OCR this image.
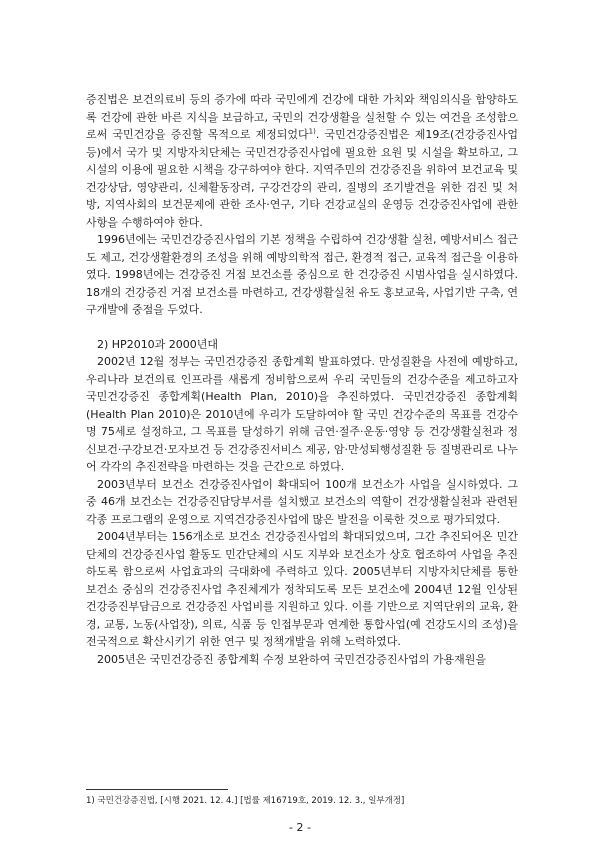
증진법은 보건의료비 등의 증가에 따라 국민에게 건강에 대한 가치와 책임의식을 함양하도록 건강에 관한 바른 지식을 보급하고, 국민의 건강생활을 실천할 수 있는 여건을 조성함으로써 국민건강을 증진할 목적으로 제정되었다$^{1)}$. 국민건강증진법은 제19조(건강증진사업 등)에서 국가 및 지방자치단체는 국민건강증진사업에 필요한 요원 및 시설을 확보하고, 그 시설의 이용에 필요한 시책을 강구하여야 한다. 지역주민의 건강증진을 위하여 보건교육 및 건강상담, 영양관리, 신체활동장려, 구강건강의 관리, 질병의 조기발견을 위한 검진 및 처방, 지역사회의 보건문제에 관한 조사·연구, 기타 건강교실의 운영등 건강증진사업에 관한 사항을 수행하여야 한다.

1996년에는 국민건강증진사업의 기본 정책을 수립하여 건강생활 실천, 예방서비스 접근도 제고, 건강생활환경의 조성을 위해 예방의학적 접근, 환경적 접근, 교육적 접근을 이용하였다. 1998년에는 건강증진 거점 보건소를 중심으로 한 건강증진 시범사업을 실시하였다. 18개의 건강증진 거점 보건소를 마련하고, 건강생활실천 유도 홍보교육, 사업기반 구축, 연구개발에 중점을 두었다.

2) HP2010과 2000년대

2002년 12월 정부는 국민건강증진 종합계획 발표하였다. 만성질환을 사전에 예방하고, 우리나라 보건의료 인프라를 새롭게 정비함으로써 우리 국민들의 건강수준을 제고하고자 국민건강증진 종합계획(Health Plan, 2010)을 추진하였다. 국민건강증진 종합계획(Health Plan 2010)은 2010년에 우리가 도달하여야 할 국민 건강수준의 목표를 건강수명 75세로 설정하고, 그 목표를 달성하기 위해 금연·절주·운동·영양 등 건강생활실천과 정신보건·구강보건·모자보건 등 건강증진서비스 제공, 암·만성퇴행성질환 등 질병관리로 나누어 각각의 추진전략을 마련하는 것을 근간으로 하였다.

2003년부터 보건소 건강증진사업이 확대되어 100개 보건소가 사업을 실시하였다. 그 중 46개 보건소는 건강증진담당부서를 설치했고 보건소의 역할이 건강생활실천과 관련된 각종 프로그램의 운영으로 지역건강증진사업에 많은 발전을 이룩한 것으로 평가되었다.

2004년부터는 156개소로 보건소 건강증진사업의 확대되었으며, 그간 추진되어온 민간단체의 건강증진사업 활동도 민간단체의 시도 지부와 보건소가 상호 협조하여 사업을 추진하도록 함으로써 사업효과의 극대화에 주력하고 있다. 2005년부터 지방자치단체를 통한 보건소 중심의 건강증진사업 추진체계가 정착되도록 모든 보건소에 2004년 12월 인상된 건강증진부담금으로 건강증진 사업비를 지원하고 있다. 이를 기반으로 지역단위의 교육, 환경, 교통, 노동(사업장), 의료, 식품 등 인접부문과 연계한 통합사업(예 건강도시의 조성)을 전국적으로 확산시키기 위한 연구 및 정책개발을 위해 노력하였다.

2005년은 국민건강증진 종합계획 수정 보완하여 국민건강증진사업의 가용재원을

1) 국민건강증진법, [시행 2021. 12. 4.] [법률 제16719호, 2019. 12. 3., 일부개정]
- 2 -
